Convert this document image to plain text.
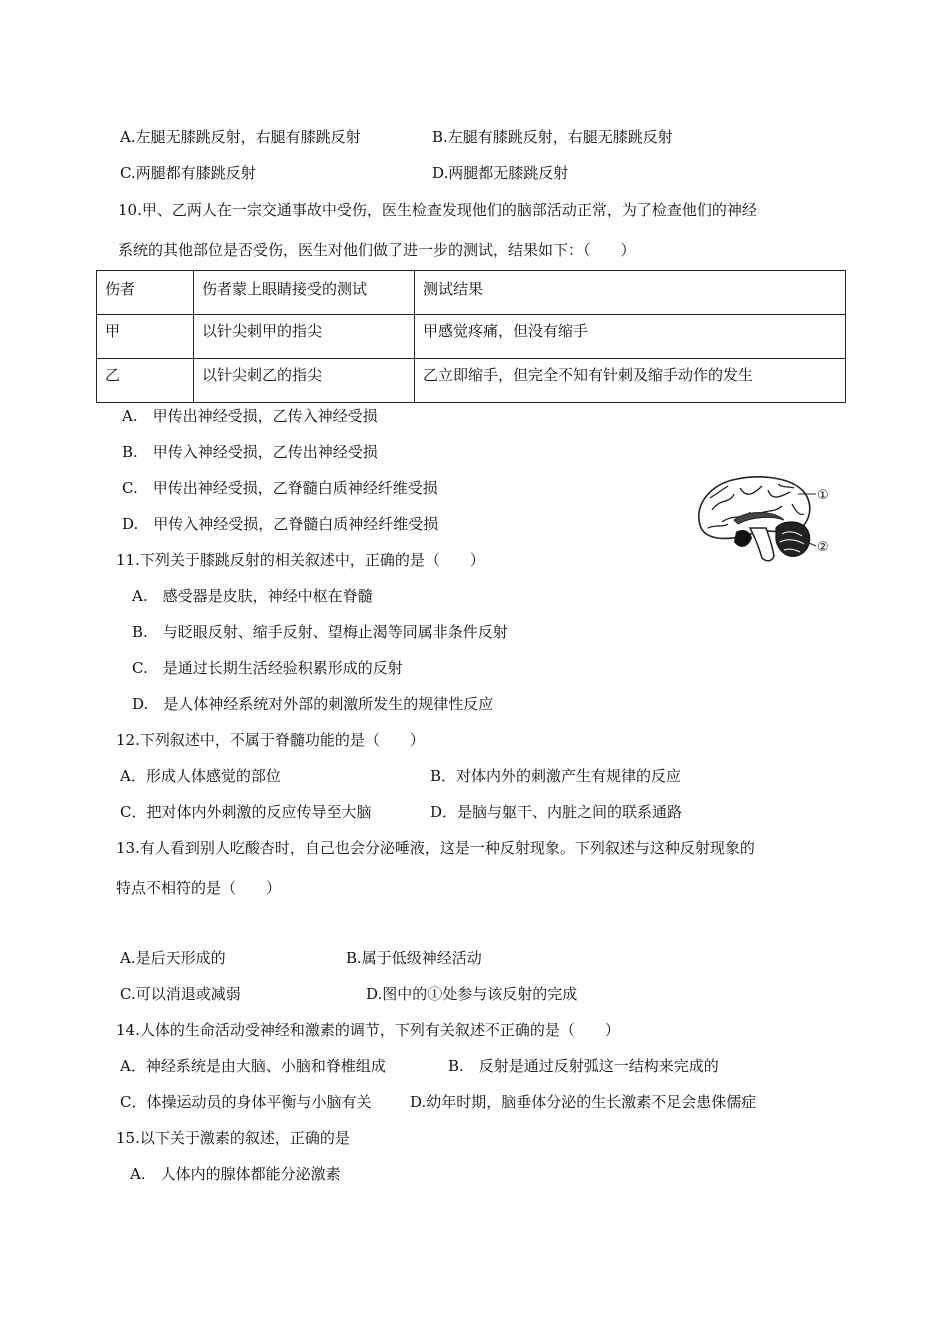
A.左腿无膝跳反射，右腿有膝跳反射	B.左腿有膝跳反射，右腿无膝跳反射
C.两腿都有膝跳反射	D.两腿都无膝跳反射
10.甲、乙两人在一宗交通事故中受伤，医生检查发现他们的脑部活动正常，为了检查他们的神经
系统的其他部位是否受伤，医生对他们做了进一步的测试，结果如下：（　　）
伤者	伤者蒙上眼睛接受的测试	测试结果
甲	以针尖刺甲的指尖	甲感觉疼痛，但没有缩手
乙	以针尖刺乙的指尖	乙立即缩手，但完全不知有针刺及缩手动作的发生
A.　甲传出神经受损，乙传入神经受损
B.　甲传入神经受损，乙传出神经受损
C.　甲传出神经受损，乙脊髓白质神经纤维受损
D.　甲传入神经受损，乙脊髓白质神经纤维受损
①
②
11.下列关于膝跳反射的相关叙述中，正确的是（　　）
A.　感受器是皮肤，神经中枢在脊髓
B.　与眨眼反射、缩手反射、望梅止渴等同属非条件反射
C.　是通过长期生活经验积累形成的反射
D.　是人体神经系统对外部的刺激所发生的规律性反应
12.下列叙述中，不属于脊髓功能的是（　　）
A．形成人体感觉的部位	B．对体内外的刺激产生有规律的反应
C．把对体内外刺激的反应传导至大脑	D．是脑与躯干、内脏之间的联系通路
13.有人看到别人吃酸杏时，自己也会分泌唾液，这是一种反射现象。下列叙述与这种反射现象的
特点不相符的是（　　）
A.是后天形成的	B.属于低级神经活动
C.可以消退或减弱	D.图中的①处参与该反射的完成
14.人体的生命活动受神经和激素的调节，下列有关叙述不正确的是（　　）
A．神经系统是由大脑、小脑和脊椎组成	B.　反射是通过反射弧这一结构来完成的
C．体操运动员的身体平衡与小脑有关	D.幼年时期，脑垂体分泌的生长激素不足会患侏儒症
15.以下关于激素的叙述，正确的是
A.　人体内的腺体都能分泌激素
